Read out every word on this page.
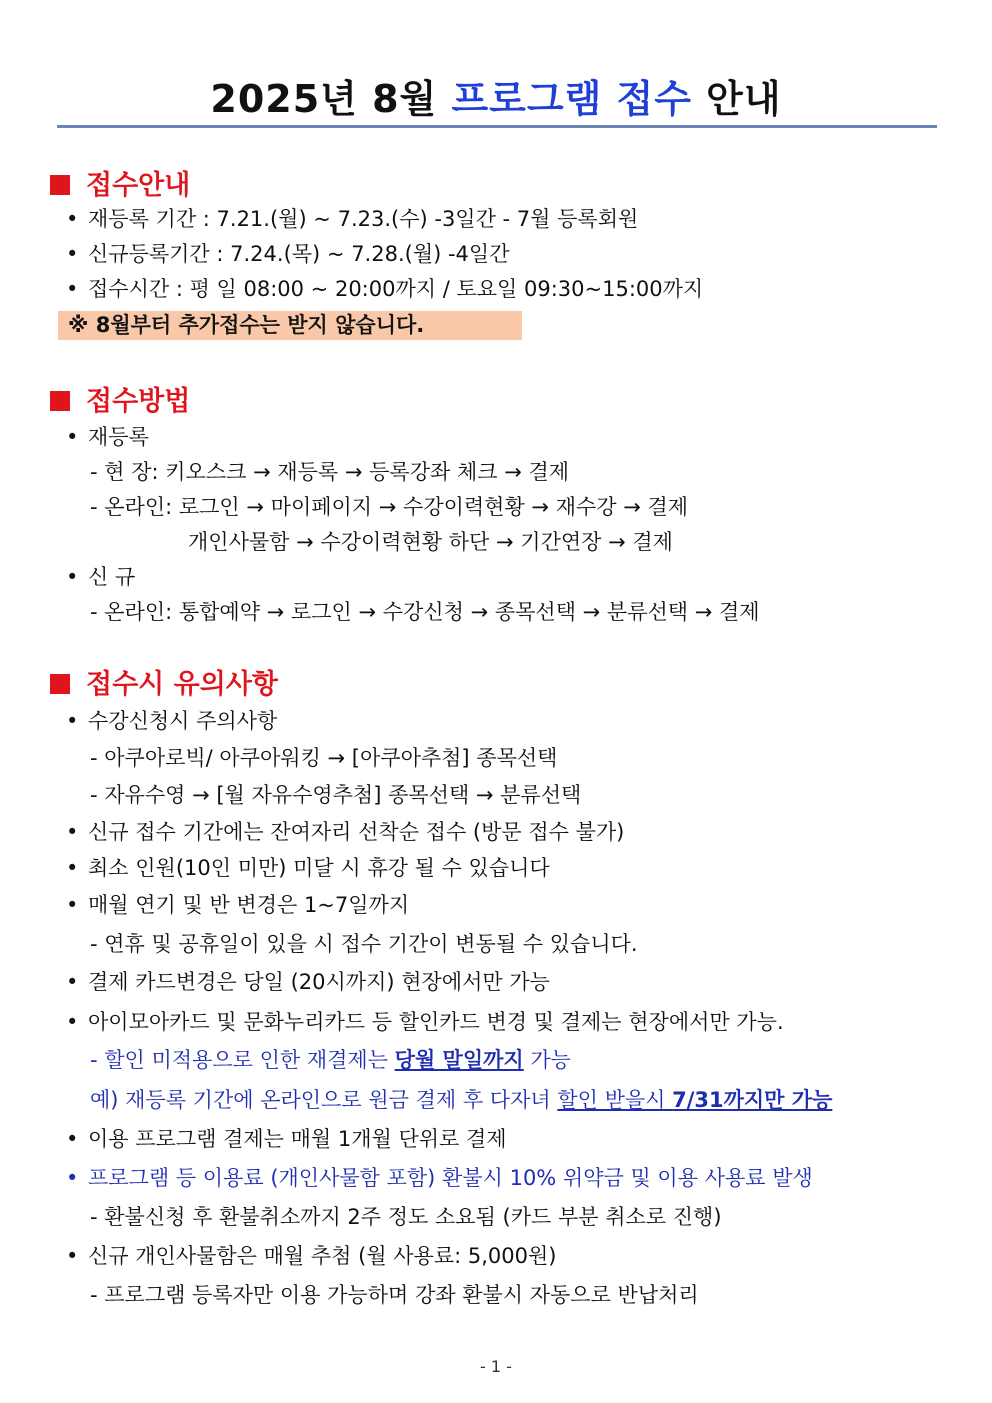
2025년 8월 프로그램 접수 안내
접수안내
• 재등록 기간 : 7.21.(월) ~ 7.23.(수) -3일간 - 7월 등록회원
• 신규등록기간 : 7.24.(목) ~ 7.28.(월) -4일간
• 접수시간 : 평 일 08:00 ~ 20:00까지 / 토요일 09:30~15:00까지
※ 8월부터 추가접수는 받지 않습니다.
접수방법
• 재등록
- 현 장: 키오스크 → 재등록 → 등록강좌 체크 → 결제
- 온라인: 로그인 → 마이페이지 → 수강이력현황 → 재수강 → 결제
개인사물함 → 수강이력현황 하단 → 기간연장 → 결제
• 신 규
- 온라인: 통합예약 → 로그인 → 수강신청 → 종목선택 → 분류선택 → 결제
접수시 유의사항
• 수강신청시 주의사항
- 아쿠아로빅/ 아쿠아워킹 → [아쿠아추첨] 종목선택
- 자유수영 → [월 자유수영추첨] 종목선택 → 분류선택
• 신규 접수 기간에는 잔여자리 선착순 접수 (방문 접수 불가)
• 최소 인원(10인 미만) 미달 시 휴강 될 수 있습니다
• 매월 연기 및 반 변경은 1~7일까지
- 연휴 및 공휴일이 있을 시 접수 기간이 변동될 수 있습니다.
• 결제 카드변경은 당일 (20시까지) 현장에서만 가능
• 아이모아카드 및 문화누리카드 등 할인카드 변경 및 결제는 현장에서만 가능.
- 할인 미적용으로 인한 재결제는 당월 말일까지 가능
예) 재등록 기간에 온라인으로 원금 결제 후 다자녀 할인 받을시 7/31까지만 가능
• 이용 프로그램 결제는 매월 1개월 단위로 결제
• 프로그램 등 이용료 (개인사물함 포함) 환불시 10% 위약금 및 이용 사용료 발생
- 환불신청 후 환불취소까지 2주 정도 소요됨 (카드 부분 취소로 진행)
• 신규 개인사물함은 매월 추첨 (월 사용료: 5,000원)
- 프로그램 등록자만 이용 가능하며 강좌 환불시 자동으로 반납처리
- 1 -
